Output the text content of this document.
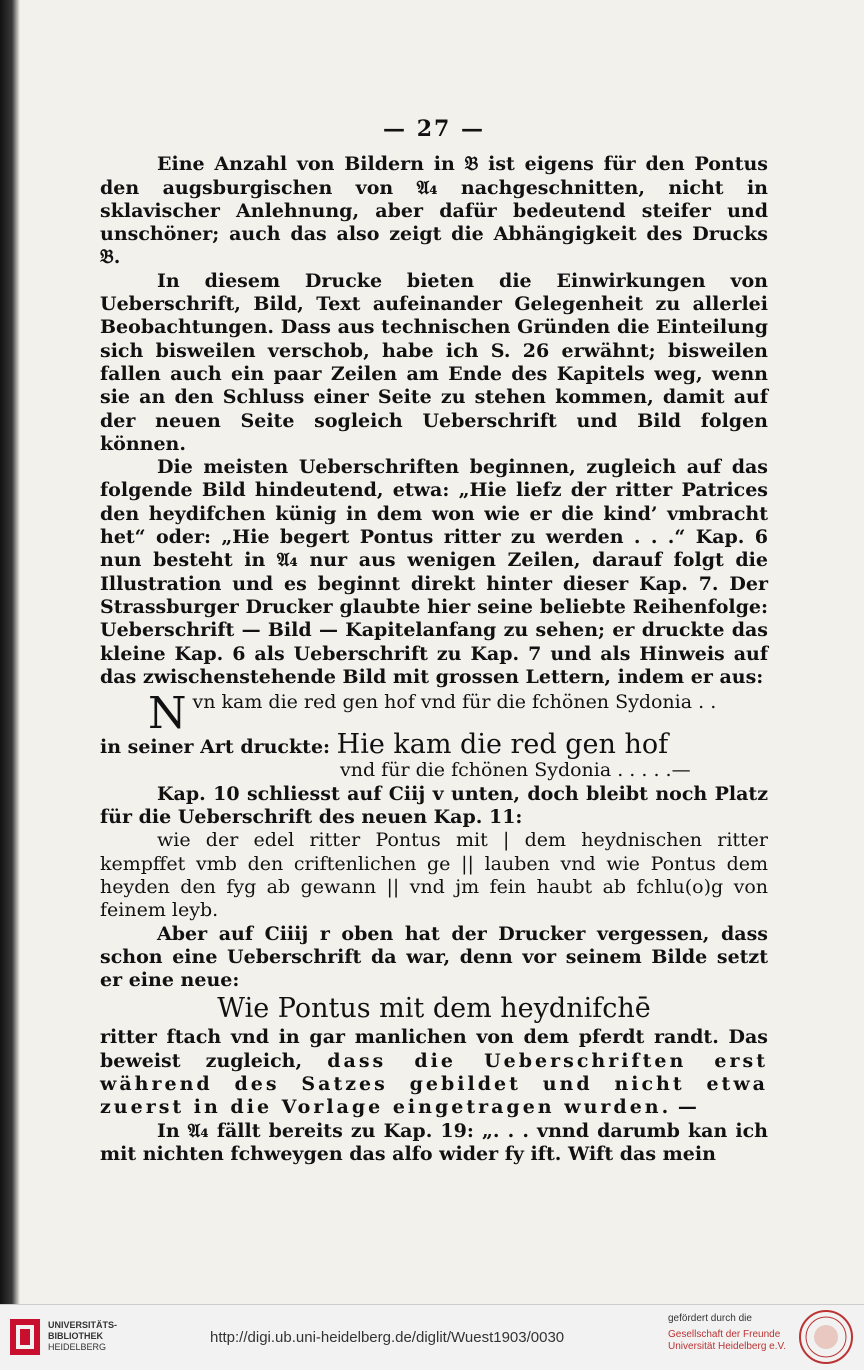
— 27 —

Eine Anzahl von Bildern in 𝔅 ist eigens für den Pontus den augsburgischen von 𝔄₄ nachgeschnitten, nicht in sklavischer Anlehnung, aber dafür bedeutend steifer und unschöner; auch das also zeigt die Abhängigkeit des Drucks 𝔅.

In diesem Drucke bieten die Einwirkungen von Ueberschrift, Bild, Text aufeinander Gelegenheit zu allerlei Beobachtungen. Dass aus technischen Gründen die Einteilung sich bisweilen verschob, habe ich S. 26 erwähnt; bisweilen fallen auch ein paar Zeilen am Ende des Kapitels weg, wenn sie an den Schluss einer Seite zu stehen kommen, damit auf der neuen Seite sogleich Ueberschrift und Bild folgen können.

Die meisten Ueberschriften beginnen, zugleich auf das folgende Bild hindeutend, etwa: „Hie liefz der ritter Patrices den heydifchen künig in dem won wie er die kind’ vmbracht het“ oder: „Hie begert Pontus ritter zu werden . . .“ Kap. 6 nun besteht in 𝔄₄ nur aus wenigen Zeilen, darauf folgt die Illustration und es beginnt direkt hinter dieser Kap. 7. Der Strassburger Drucker glaubte hier seine beliebte Reihenfolge: Ueberschrift — Bild — Kapitelanfang zu sehen; er druckte das kleine Kap. 6 als Ueberschrift zu Kap. 7 und als Hinweis auf das zwischenstehende Bild mit grossen Lettern, indem er aus:

Nvn kam die red gen hof vnd für die fchönen Sydonia . .

in seiner Art druckte: Hie kam die red gen hof

vnd für die fchönen Sydonia . . . . .—

Kap. 10 schliesst auf Ciij v unten, doch bleibt noch Platz für die Ueberschrift des neuen Kap. 11:

wie der edel ritter Pontus mit | dem heydnischen ritter kempffet vmb den criftenlichen ge || lauben vnd wie Pontus dem heyden den fyg ab gewann || vnd jm fein haubt ab fchlu(o)g von feinem leyb.

Aber auf Ciiij r oben hat der Drucker vergessen, dass schon eine Ueberschrift da war, denn vor seinem Bilde setzt er eine neue:

Wie Pontus mit dem heydnifchē

ritter ftach vnd in gar manlichen von dem pferdt randt. Das beweist zugleich, dass die Ueberschriften erst während des Satzes gebildet und nicht etwa zuerst in die Vorlage eingetragen wurden. —

In 𝔄₄ fällt bereits zu Kap. 19: „. . . vnnd darumb kan ich mit nichten fchweygen das alfo wider fy ift. Wift das mein

UNIVERSITÄTS-
BIBLIOTHEK
HEIDELBERG
http://digi.ub.uni-heidelberg.de/diglit/Wuest1903/0030
gefördert durch die
Gesellschaft der Freunde
Universität Heidelberg e.V.
